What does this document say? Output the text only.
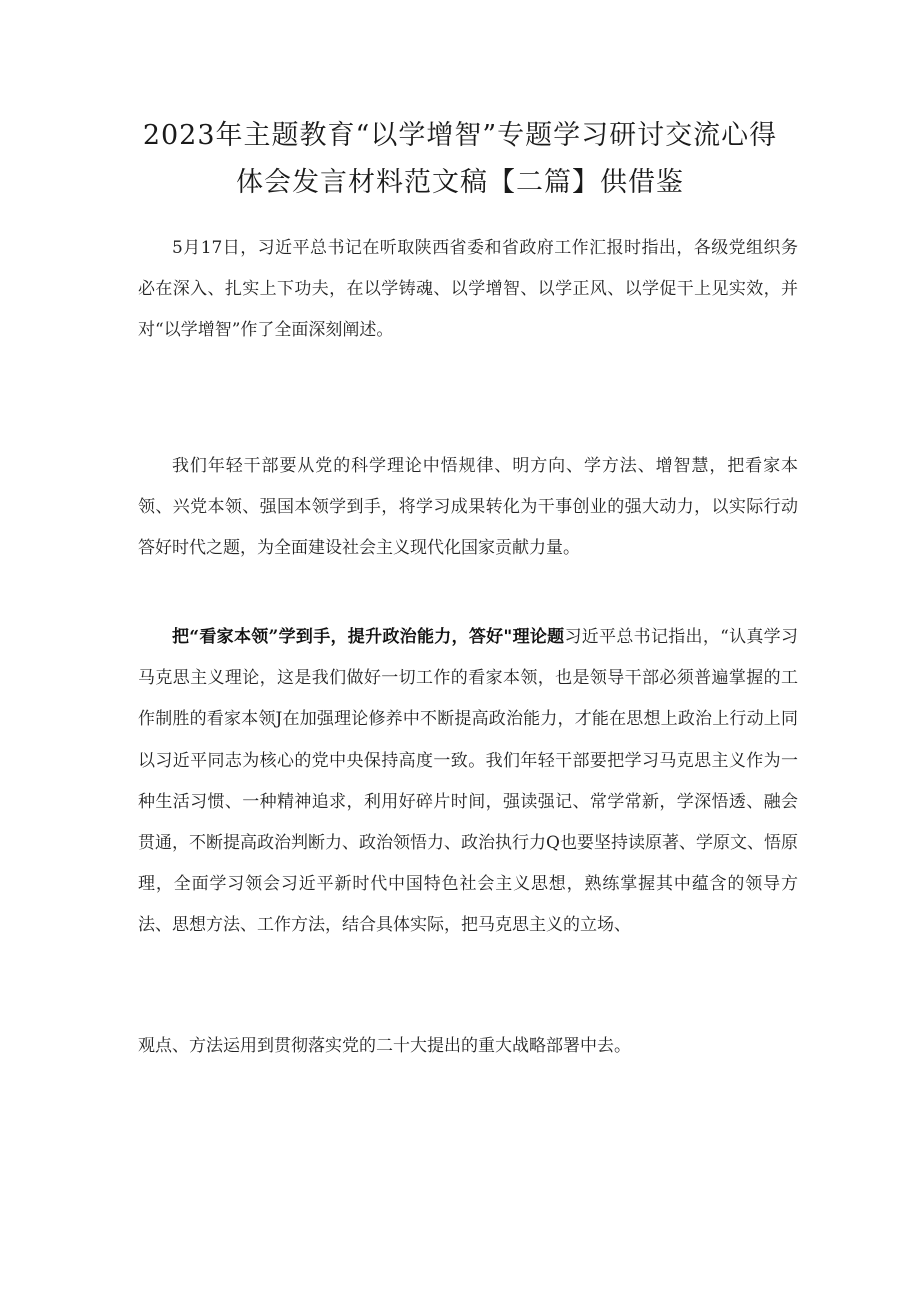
2023年主题教育“以学增智”专题学习研讨交流心得
体会发言材料范文稿【二篇】供借鉴

5月17日，习近平总书记在听取陕西省委和省政府工作汇报时指出，各级党组织务必在深入、扎实上下功夫，在以学铸魂、以学增智、以学正风、以学促干上见实效，并对“以学增智”作了全面深刻阐述。

我们年轻干部要从党的科学理论中悟规律、明方向、学方法、增智慧，把看家本领、兴党本领、强国本领学到手，将学习成果转化为干事创业的强大动力，以实际行动答好时代之题，为全面建设社会主义现代化国家贡献力量。

把“看家本领”学到手，提升政治能力，答好"理论题习近平总书记指出，“认真学习马克思主义理论，这是我们做好一切工作的看家本领，也是领导干部必须普遍掌握的工作制胜的看家本领J在加强理论修养中不断提高政治能力，才能在思想上政治上行动上同以习近平同志为核心的党中央保持高度一致。我们年轻干部要把学习马克思主义作为一种生活习惯、一种精神追求，利用好碎片时间，强读强记、常学常新，学深悟透、融会贯通，不断提高政治判断力、政治领悟力、政治执行力Q也要坚持读原著、学原文、悟原理，全面学习领会习近平新时代中国特色社会主义思想，熟练掌握其中蕴含的领导方法、思想方法、工作方法，结合具体实际，把马克思主义的立场、

观点、方法运用到贯彻落实党的二十大提出的重大战略部署中去。
